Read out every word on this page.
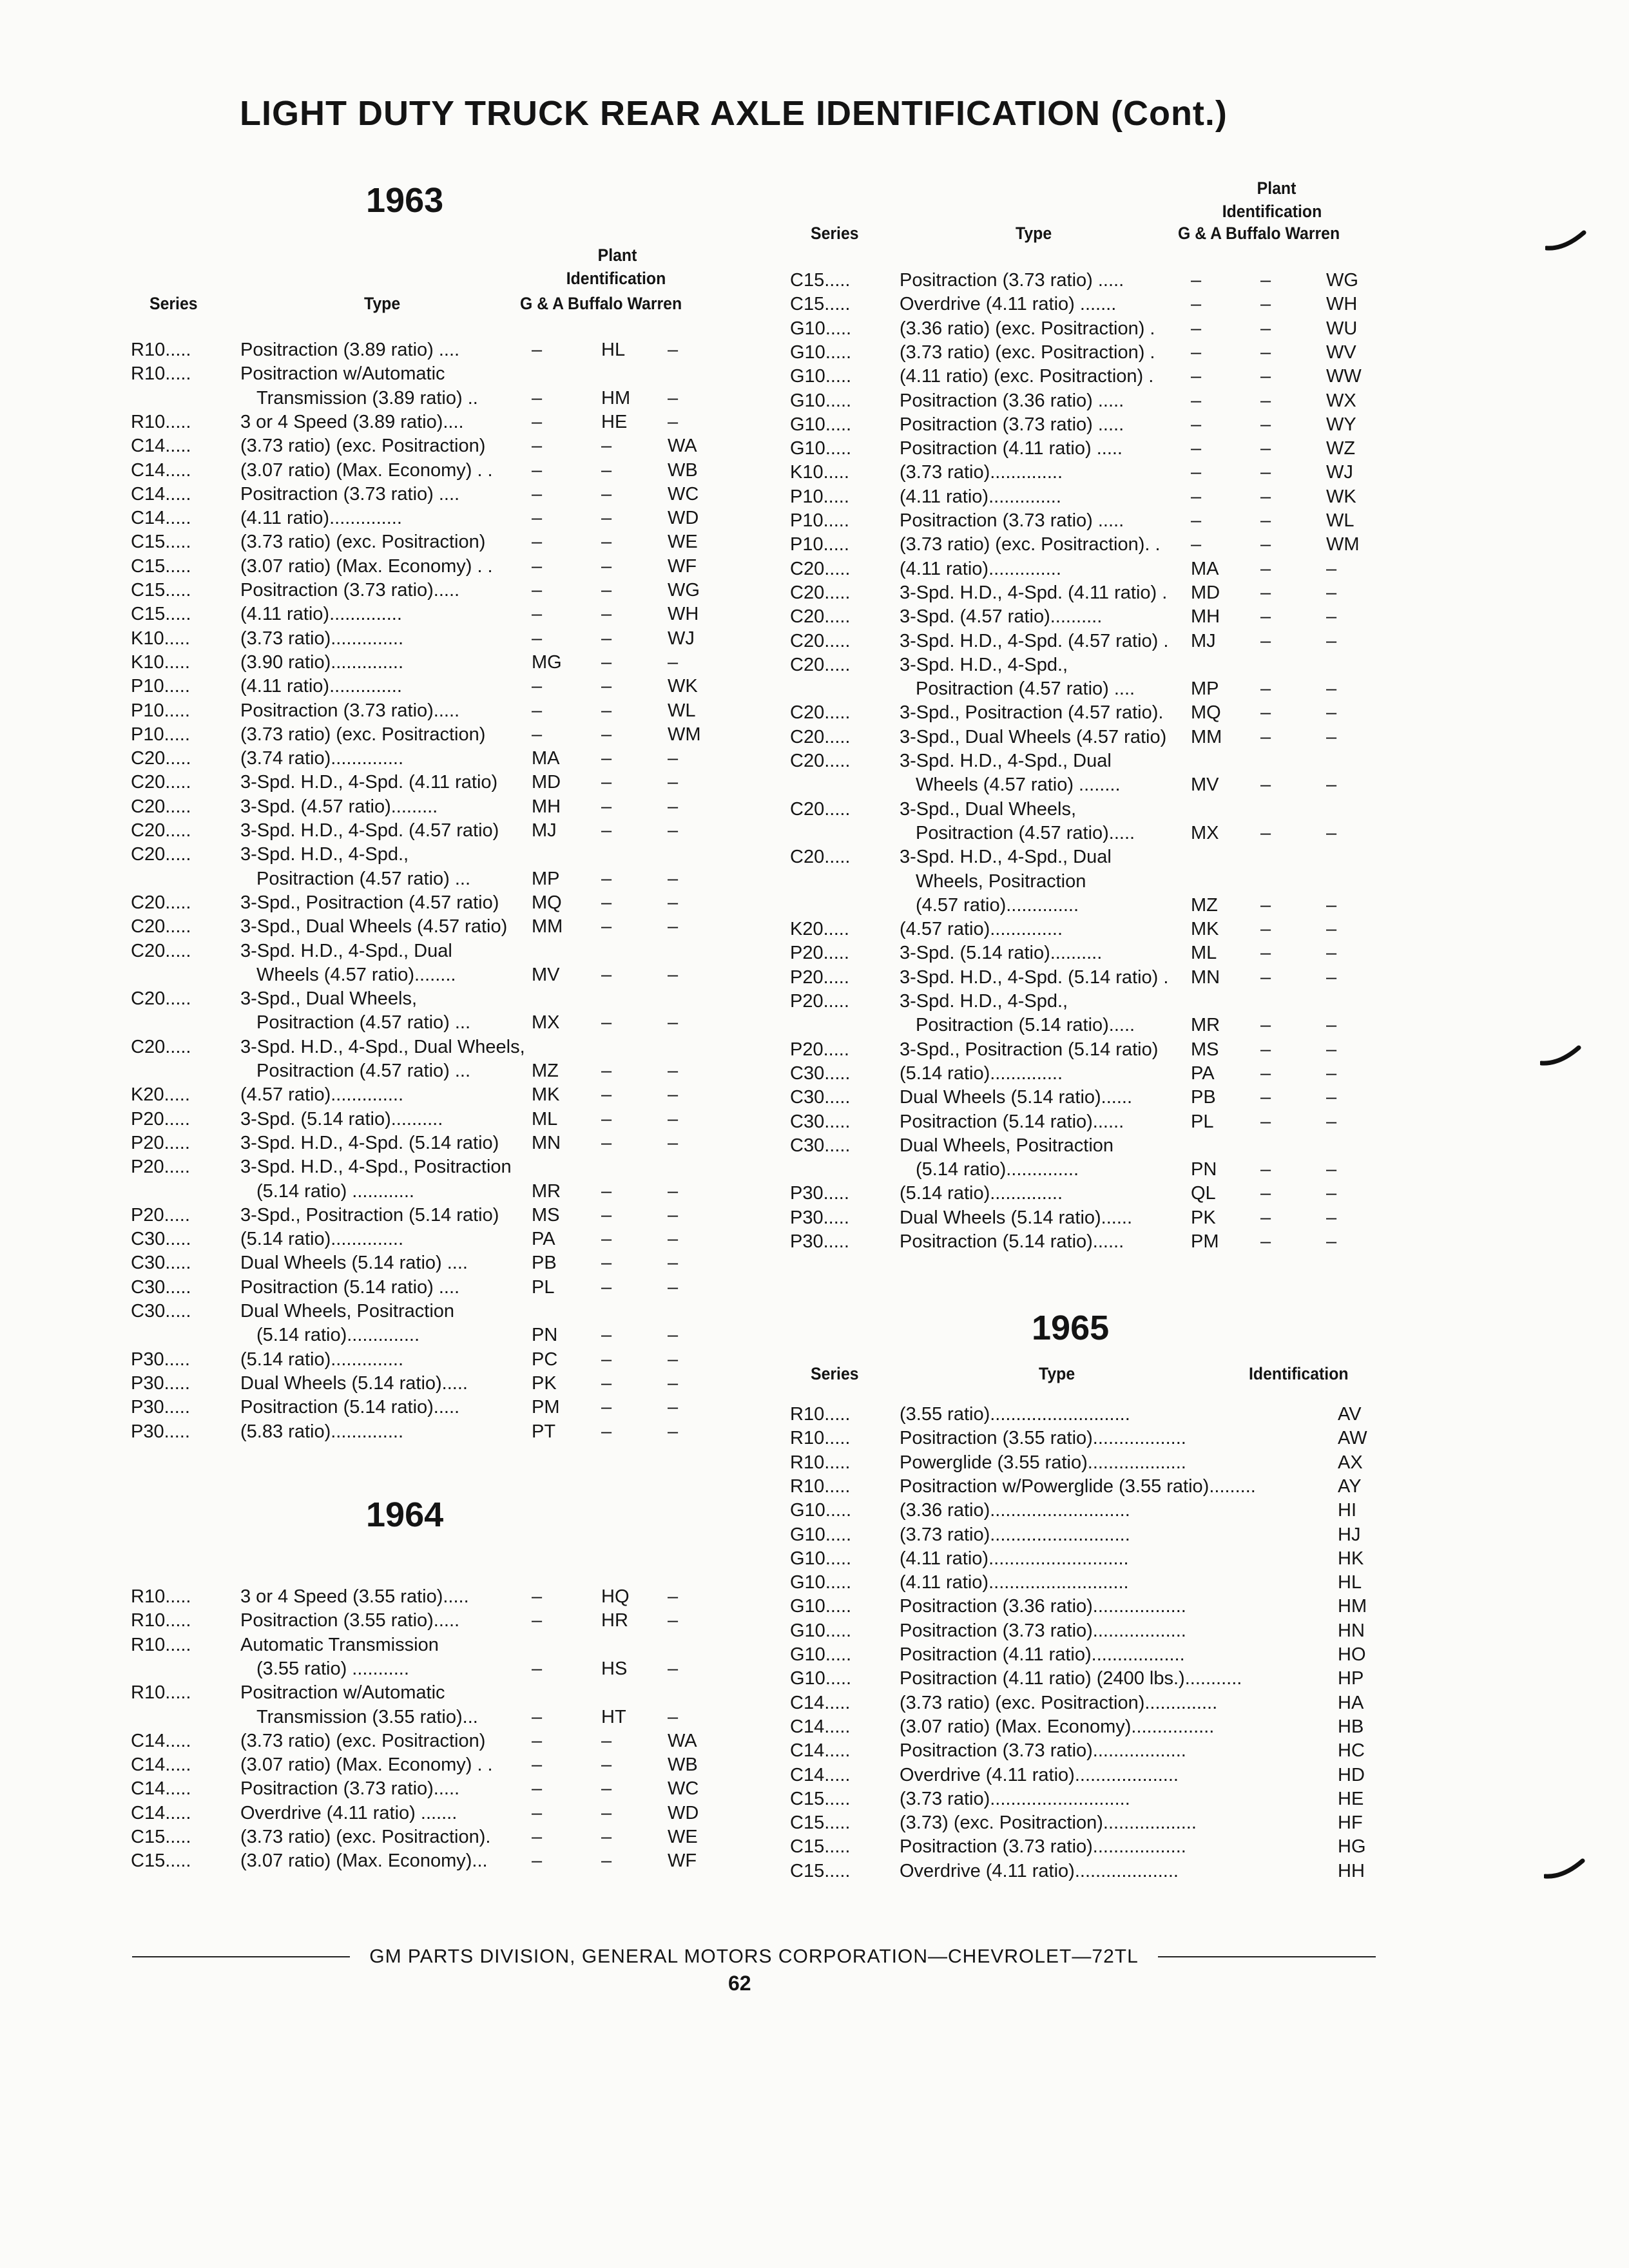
LIGHT DUTY TRUCK REAR AXLE IDENTIFICATION (Cont.)
1963
Plant
Identification
Series	Type	G & A Buffalo Warren
R10.....	Positraction (3.89 ratio) ....	–	HL –
R10.....	Positraction w/Automatic
Transmission (3.89 ratio) ..	–	HM –
R10.....	3 or 4 Speed (3.89 ratio)....	–	HE –
C14.....	(3.73 ratio) (exc. Positraction) –	–	WA
C14.....	(3.07 ratio) (Max. Economy) . . –	–	WB
C14.....	Positraction (3.73 ratio) ....	–	–	WC
C14.....	(4.11 ratio)..............	–	–	WD
C15.....	(3.73 ratio) (exc. Positraction) –	–	WE
C15.....	(3.07 ratio) (Max. Economy) . . –	–	WF
C15.....	Positraction (3.73 ratio).....	–	–	WG
C15.....	(4.11 ratio)..............	–	–	WH
K10.....	(3.73 ratio)..............	–	–	WJ
K10.....	(3.90 ratio)..............	MG –	–
P10.....	(4.11 ratio)..............	–	–	WK
P10.....	Positraction (3.73 ratio).....	–	–	WL
P10.....	(3.73 ratio) (exc. Positraction) –	–	WM
C20.....	(3.74 ratio)..............	MA –	–
C20.....	3-Spd. H.D., 4-Spd. (4.11 ratio) MD –	–
C20.....	3-Spd. (4.57 ratio).........	MH –	–
C20.....	3-Spd. H.D., 4-Spd. (4.57 ratio) MJ –	–
C20.....	3-Spd. H.D., 4-Spd.,
Positraction (4.57 ratio) ...	MP –	–
C20.....	3-Spd., Positraction (4.57 ratio) MQ –	–
C20.....	3-Spd., Dual Wheels (4.57 ratio) MM –	–
C20.....	3-Spd. H.D., 4-Spd., Dual
Wheels (4.57 ratio)........	MV –	–
C20.....	3-Spd., Dual Wheels,
Positraction (4.57 ratio) ...	MX –	–
C20.....	3-Spd. H.D., 4-Spd., Dual Wheels,
Positraction (4.57 ratio) ...	MZ –	–
K20.....	(4.57 ratio)..............	MK –	–
P20.....	3-Spd. (5.14 ratio)..........	ML –	–
P20.....	3-Spd. H.D., 4-Spd. (5.14 ratio) MN –	–
P20.....	3-Spd. H.D., 4-Spd., Positraction
(5.14 ratio) ............	MR –	–
P20.....	3-Spd., Positraction (5.14 ratio) MS –	–
C30.....	(5.14 ratio)..............	PA –	–
C30.....	Dual Wheels (5.14 ratio) ....	PB –	–
C30.....	Positraction (5.14 ratio) ....	PL	–	–
C30.....	Dual Wheels, Positraction
(5.14 ratio)..............	PN –	–
P30.....	(5.14 ratio)..............	PC –	–
P30.....	Dual Wheels (5.14 ratio).....	PK –	–
P30.....	Positraction (5.14 ratio).....	PM –	–
P30.....	(5.83 ratio)..............	PT –	–
1964
R10.....	3 or 4 Speed (3.55 ratio).....	–	HQ –
R10.....	Positraction (3.55 ratio).....	–	HR –
R10.....	Automatic Transmission
(3.55 ratio) ...........	–	HS –
R10.....	Positraction w/Automatic
Transmission (3.55 ratio)...	–	HT –
C14.....	(3.73 ratio) (exc. Positraction) –	–	WA
C14.....	(3.07 ratio) (Max. Economy) . . –	–	WB
C14.....	Positraction (3.73 ratio).....	–	–	WC
C14.....	Overdrive (4.11 ratio) .......	–	–	WD
C15.....	(3.73 ratio) (exc. Positraction). –	–	WE
C15.....	(3.07 ratio) (Max. Economy)... –	–	WF
Plant
Identification
Series	Type	G & A Buffalo Warren
C15.....	Positraction (3.73 ratio) .....	–	–	WG
C15.....	Overdrive (4.11 ratio) .......	–	–	WH
G10.....	(3.36 ratio) (exc. Positraction) . –	–	WU
G10.....	(3.73 ratio) (exc. Positraction) . –	–	WV
G10.....	(4.11 ratio) (exc. Positraction) . –	–	WW
G10.....	Positraction (3.36 ratio) .....	–	–	WX
G10.....	Positraction (3.73 ratio) .....	–	–	WY
G10.....	Positraction (4.11 ratio) .....	–	–	WZ
K10.....	(3.73 ratio)..............	–	–	WJ
P10.....	(4.11 ratio)..............	–	–	WK
P10.....	Positraction (3.73 ratio) .....	–	–	WL
P10.....	(3.73 ratio) (exc. Positraction). . –	–	WM
C20.....	(4.11 ratio)..............	MA –	–
C20.....	3-Spd. H.D., 4-Spd. (4.11 ratio) . MD –	–
C20.....	3-Spd. (4.57 ratio)..........	MH –	–
C20.....	3-Spd. H.D., 4-Spd. (4.57 ratio) . MJ –	–
C20.....	3-Spd. H.D., 4-Spd.,
Positraction (4.57 ratio) ....	MP –	–
C20.....	3-Spd., Positraction (4.57 ratio). MQ –	–
C20.....	3-Spd., Dual Wheels (4.57 ratio) MM –	–
C20.....	3-Spd. H.D., 4-Spd., Dual
Wheels (4.57 ratio) ........	MV –	–
C20.....	3-Spd., Dual Wheels,
Positraction (4.57 ratio).....	MX –	–
C20.....	3-Spd. H.D., 4-Spd., Dual
Wheels, Positraction
(4.57 ratio)..............	MZ –	–
K20.....	(4.57 ratio)..............	MK –	–
P20.....	3-Spd. (5.14 ratio)..........	ML –	–
P20.....	3-Spd. H.D., 4-Spd. (5.14 ratio) . MN –	–
P20.....	3-Spd. H.D., 4-Spd.,
Positraction (5.14 ratio).....	MR –	–
P20.....	3-Spd., Positraction (5.14 ratio) MS –	–
C30.....	(5.14 ratio)..............	PA –	–
C30.....	Dual Wheels (5.14 ratio)......	PB –	–
C30.....	Positraction (5.14 ratio)......	PL	–	–
C30.....	Dual Wheels, Positraction
(5.14 ratio)..............	PN –	–
P30.....	(5.14 ratio)..............	QL –	–
P30.....	Dual Wheels (5.14 ratio)......	PK –	–
P30.....	Positraction (5.14 ratio)......	PM –	–
1965
Series	Type	Identification
R10.....	(3.55 ratio)...........................	AV
R10.....	Positraction (3.55 ratio)..................	AW
R10.....	Powerglide (3.55 ratio)...................	AX
R10.....	Positraction w/Powerglide (3.55 ratio).........	AY
G10.....	(3.36 ratio)...........................	HI
G10.....	(3.73 ratio)...........................	HJ
G10.....	(4.11 ratio)...........................	HK
G10.....	(4.11 ratio)...........................	HL
G10.....	Positraction (3.36 ratio)..................	HM
G10.....	Positraction (3.73 ratio)..................	HN
G10.....	Positraction (4.11 ratio)..................	HO
G10.....	Positraction (4.11 ratio) (2400 lbs.)...........	HP
C14.....	(3.73 ratio) (exc. Positraction)..............	HA
C14.....	(3.07 ratio) (Max. Economy)................	HB
C14.....	Positraction (3.73 ratio)..................	HC
C14.....	Overdrive (4.11 ratio)....................	HD
C15.....	(3.73 ratio)...........................	HE
C15.....	(3.73) (exc. Positraction)..................	HF
C15.....	Positraction (3.73 ratio)..................	HG
C15.....	Overdrive (4.11 ratio)....................	HH
GM PARTS DIVISION, GENERAL MOTORS CORPORATION—CHEVROLET—72TL
62
